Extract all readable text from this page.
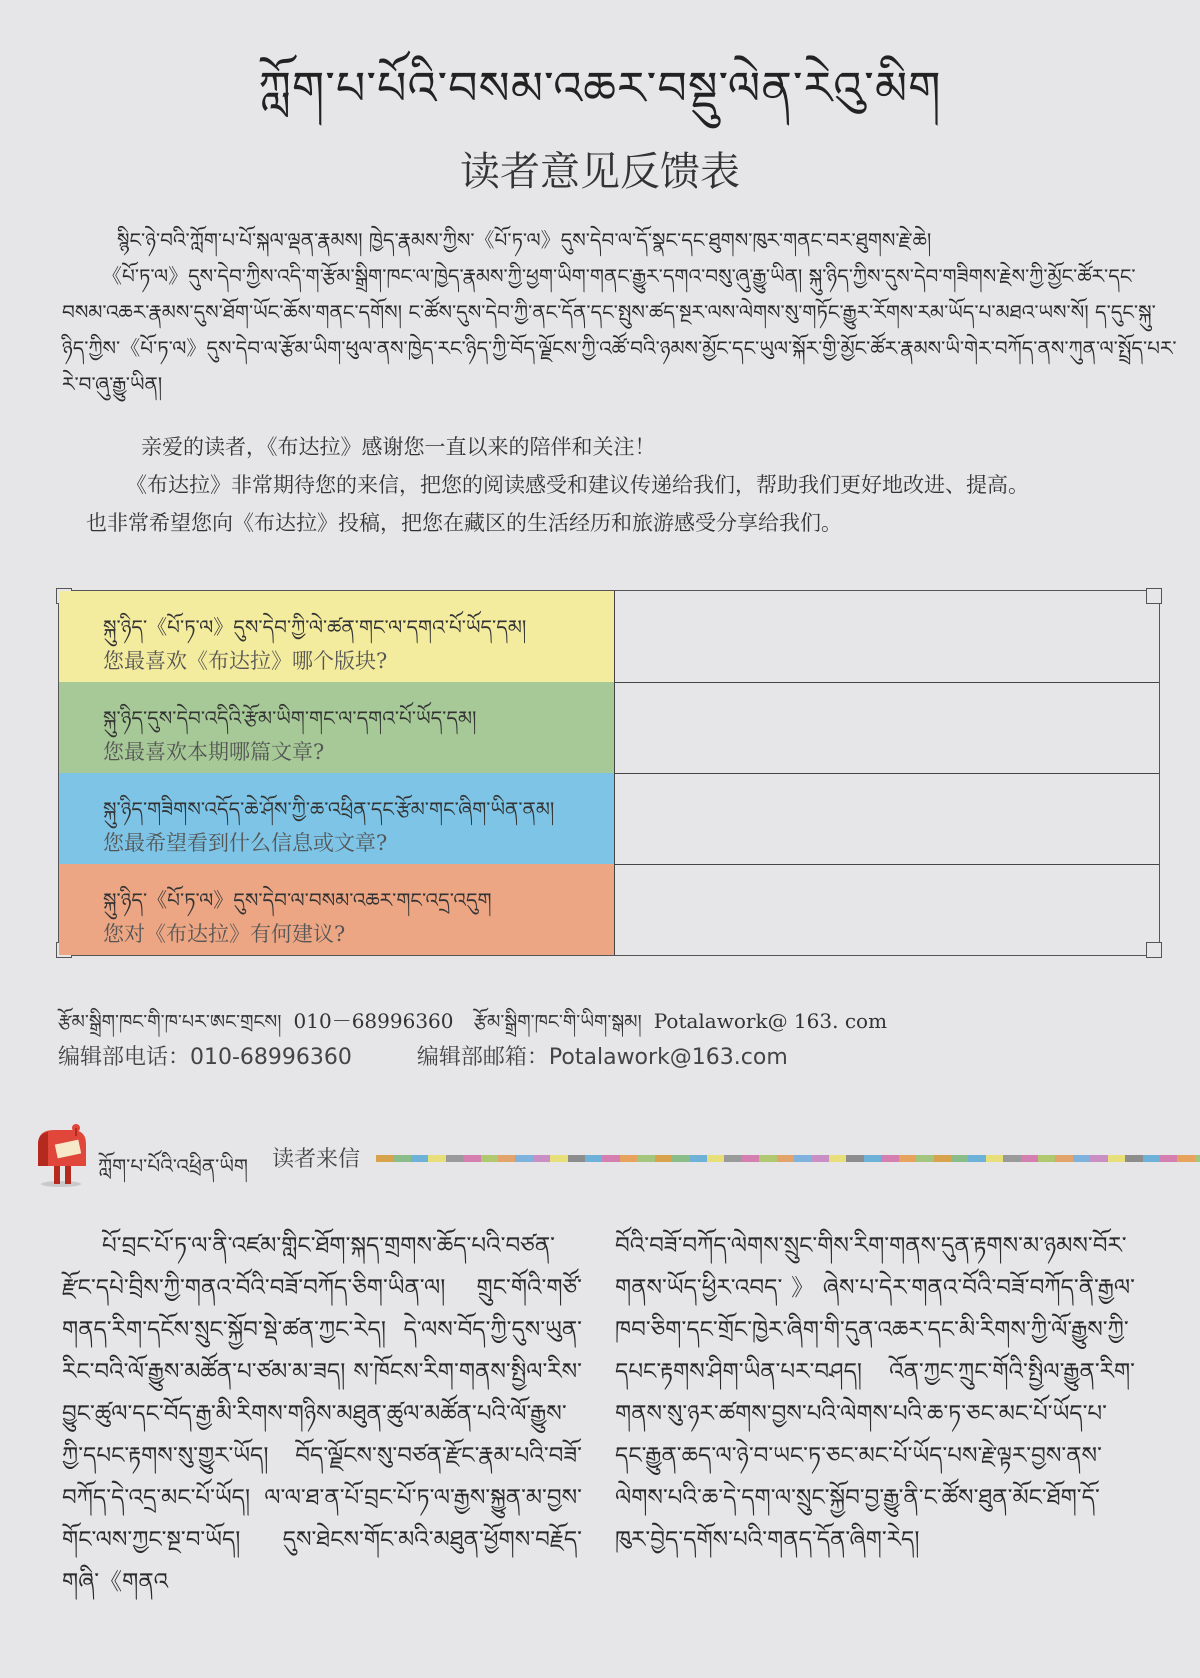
ཀློག་པ་པོའི་བསམ་འཆར་བསྡུ་ལེན་རེའུ་མིག
读者意见反馈表

སྙིང་ཉེ་བའི་ཀློག་པ་པོ་སྐལ་ལྡན་རྣམས། ཁྱེད་རྣམས་ཀྱིས་《པོ་ཏ་ལ》དུས་དེབ་ལ་དོ་སྣང་དང་ཐུགས་ཁུར་གནང་བར་ཐུགས་རྗེ་ཆེ།

《པོ་ཏ་ལ》དུས་དེབ་ཀྱིས་འདི་ག་རྩོམ་སྒྲིག་ཁང་ལ་ཁྱེད་རྣམས་ཀྱི་ཕྱག་ཡིག་གནང་རྒྱུར་དགའ་བསུ་ཞུ་རྒྱུ་ཡིན། སྐུ་ཉིད་ཀྱིས་དུས་དེབ་གཟིགས་རྗེས་ཀྱི་མྱོང་ཚོར་དང་བསམ་འཆར་རྣམས་དུས་ཐོག་ཡོང་ཆོས་གནང་དགོས། ང་ཚོས་དུས་དེབ་ཀྱི་ནང་དོན་དང་སྤུས་ཚད་སྔར་ལས་ལེགས་སུ་གཏོང་རྒྱུར་རོགས་རམ་ཡོད་པ་མཐའ་ཡས་སོ། ད་དུང་སྐུ་ཉིད་ཀྱིས་《པོ་ཏ་ལ》དུས་དེབ་ལ་རྩོམ་ཡིག་ཕུལ་ནས་ཁྱེད་རང་ཉིད་ཀྱི་བོད་ལྗོངས་ཀྱི་འཚོ་བའི་ཉམས་མྱོང་དང་ཡུལ་སྐོར་གྱི་མྱོང་ཚོར་རྣམས་ཡི་གེར་བཀོད་ནས་ཀུན་ལ་སྤྲོད་པར་རེ་བ་ཞུ་རྒྱུ་ཡིན།

亲爱的读者，《布达拉》感谢您一直以来的陪伴和关注！

《布达拉》非常期待您的来信，把您的阅读感受和建议传递给我们，帮助我们更好地改进、提高。

也非常希望您向《布达拉》投稿，把您在藏区的生活经历和旅游感受分享给我们。

སྐུ་ཉིད་《པོ་ཏ་ལ》དུས་དེབ་ཀྱི་ལེ་ཚན་གང་ལ་དགའ་པོ་ཡོད་དམ།
您最喜欢《布达拉》哪个版块?
སྐུ་ཉིད་དུས་དེབ་འདིའི་རྩོམ་ཡིག་གང་ལ་དགའ་པོ་ཡོད་དམ།
您最喜欢本期哪篇文章?
སྐུ་ཉིད་གཟིགས་འདོད་ཆེ་ཤོས་ཀྱི་ཆ་འཕྲིན་དང་རྩོམ་གང་ཞིག་ཡིན་ནམ།
您最希望看到什么信息或文章?
སྐུ་ཉིད་《པོ་ཏ་ལ》དུས་དེབ་ལ་བསམ་འཆར་གང་འདྲ་འདུག
您对《布达拉》有何建议?
རྩོམ་སྒྲིག་ཁང་གི་ཁ་པར་ཨང་གྲངས། 010－68996360 རྩོམ་སྒྲིག་ཁང་གི་ཡིག་སྒམ། Potalawork@ 163. com
编辑部电话：010-68996360	编辑部邮箱：Potalawork@163.com
ཀློག་པ་པོའི་འཕྲིན་ཡིག 读者来信

པོ་བྲང་པོ་ཏ་ལ་ནི་འཛམ་གླིང་ཐོག་སྐད་གྲགས་ཆོད་པའི་བཙན་རྫོང་དཔེ་བྲིས་ཀྱི་གནའ་བོའི་བཟོ་བཀོད་ཅིག་ཡིན་ལ། གྲུང་གོའི་གཙོ་གནད་རིག་དངོས་སྲུང་སྐྱོབ་སྡེ་ཚན་ཀྱང་རེད། དེ་ལས་བོད་ཀྱི་དུས་ཡུན་རིང་བའི་ལོ་རྒྱུས་མཚོན་པ་ཙམ་མ་ཟད། ས་ཁོངས་རིག་གནས་སྤྱིལ་རིས་བྱུང་ཚུལ་དང་བོད་རྒྱ་མི་རིགས་གཉིས་མཐུན་ཚུལ་མཚོན་པའི་ལོ་རྒྱུས་ཀྱི་དཔང་རྟགས་སུ་གྱུར་ཡོད། བོད་ལྗོངས་སུ་བཙན་རྫོང་རྣམ་པའི་བཟོ་བཀོད་དེ་འདྲ་མང་པོ་ཡོད། ལ་ལ་ཐ་ན་པོ་བྲང་པོ་ཏ་ལ་རྒྱས་སྐྱུན་མ་བྱས་གོང་ལས་ཀྱང་སྔ་བ་ཡོད། དུས་ཐེངས་གོང་མའི་མཐུན་ཕྱོགས་བརྗོད་གཞི་《གནའ

བོའི་བཟོ་བཀོད་ལེགས་སྲུང་གིས་རིག་གནས་དུན་རྟགས་མ་ཉམས་བོར་གནས་ཡོད་ཕྱིར་འབད་》ཞེས་པ་དེར་གནའ་བོའི་བཟོ་བཀོད་ནི་རྒྱལ་ཁབ་ཅིག་དང་གྲོང་ཁྱེར་ཞིག་གི་དུན་འཆར་དང་མི་རིགས་ཀྱི་ལོ་རྒྱུས་ཀྱི་དཔང་རྟགས་ཤིག་ཡིན་པར་བཤད། འོན་ཀྱང་ཀྲུང་གོའི་སྤྱིལ་རྒྱུན་རིག་གནས་སུ་ཉར་ཚགས་བྱས་པའི་ལེགས་པའི་ཆ་ཏ་ཅང་མང་པོ་ཡོད་པ་དང་རྒྱུན་ཆད་ལ་ཉེ་བ་ཡང་ཏ་ཅང་མང་པོ་ཡོད་པས་རྗེ་ལྟར་བྱས་ནས་ལེགས་པའི་ཆ་དེ་དག་ལ་སྲུང་སྐྱོབ་བྱ་རྒྱུ་ནི་ང་ཚོས་ཐུན་མོང་ཐོག་དོ་ཁུར་བྱེད་དགོས་པའི་གནད་དོན་ཞིག་རེད།
